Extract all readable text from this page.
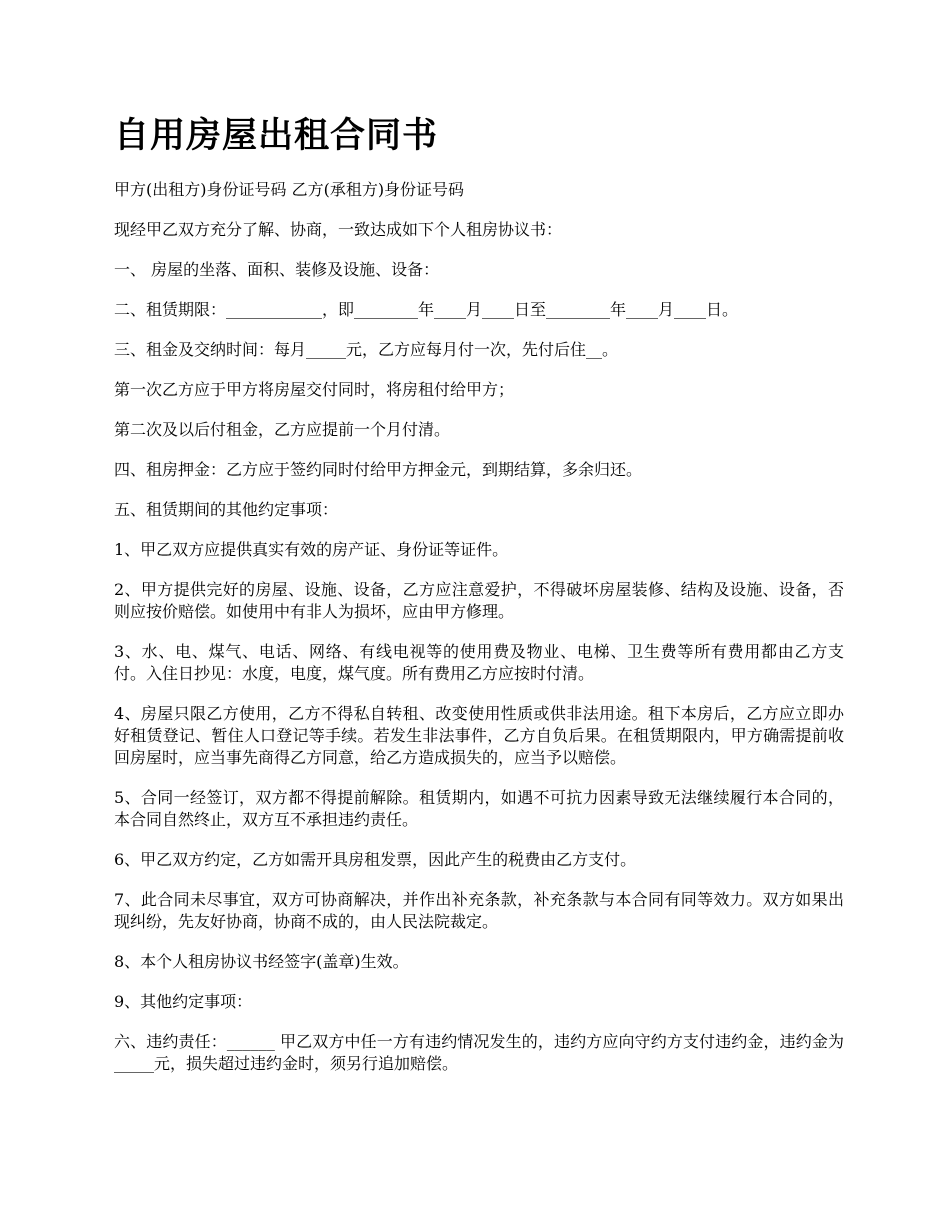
自用房屋出租合同书

甲方(出租方)身份证号码 乙方(承租方)身份证号码

现经甲乙双方充分了解、协商，一致达成如下个人租房协议书：

一、 房屋的坐落、面积、装修及设施、设备：

二、租赁期限：____________，即________年____月____日至________年____月____日。

三、租金及交纳时间：每月_____元，乙方应每月付一次，先付后住__。

第一次乙方应于甲方将房屋交付同时，将房租付给甲方；

第二次及以后付租金，乙方应提前一个月付清。

四、租房押金：乙方应于签约同时付给甲方押金元，到期结算，多余归还。

五、租赁期间的其他约定事项：

1、甲乙双方应提供真实有效的房产证、身份证等证件。

2、甲方提供完好的房屋、设施、设备，乙方应注意爱护，不得破坏房屋装修、结构及设施、设备，否则应按价赔偿。如使用中有非人为损坏，应由甲方修理。

3、水、电、煤气、电话、网络、有线电视等的使用费及物业、电梯、卫生费等所有费用都由乙方支付。入住日抄见：水度，电度，煤气度。所有费用乙方应按时付清。

4、房屋只限乙方使用，乙方不得私自转租、改变使用性质或供非法用途。租下本房后，乙方应立即办好租赁登记、暂住人口登记等手续。若发生非法事件，乙方自负后果。在租赁期限内，甲方确需提前收回房屋时，应当事先商得乙方同意，给乙方造成损失的，应当予以赔偿。

5、合同一经签订，双方都不得提前解除。租赁期内，如遇不可抗力因素导致无法继续履行本合同的，本合同自然终止，双方互不承担违约责任。

6、甲乙双方约定，乙方如需开具房租发票，因此产生的税费由乙方支付。

7、此合同未尽事宜，双方可协商解决，并作出补充条款，补充条款与本合同有同等效力。双方如果出现纠纷，先友好协商，协商不成的，由人民法院裁定。

8、本个人租房协议书经签字(盖章)生效。

9、其他约定事项：

六、违约责任：______ 甲乙双方中任一方有违约情况发生的，违约方应向守约方支付违约金，违约金为_____元，损失超过违约金时，须另行追加赔偿。
